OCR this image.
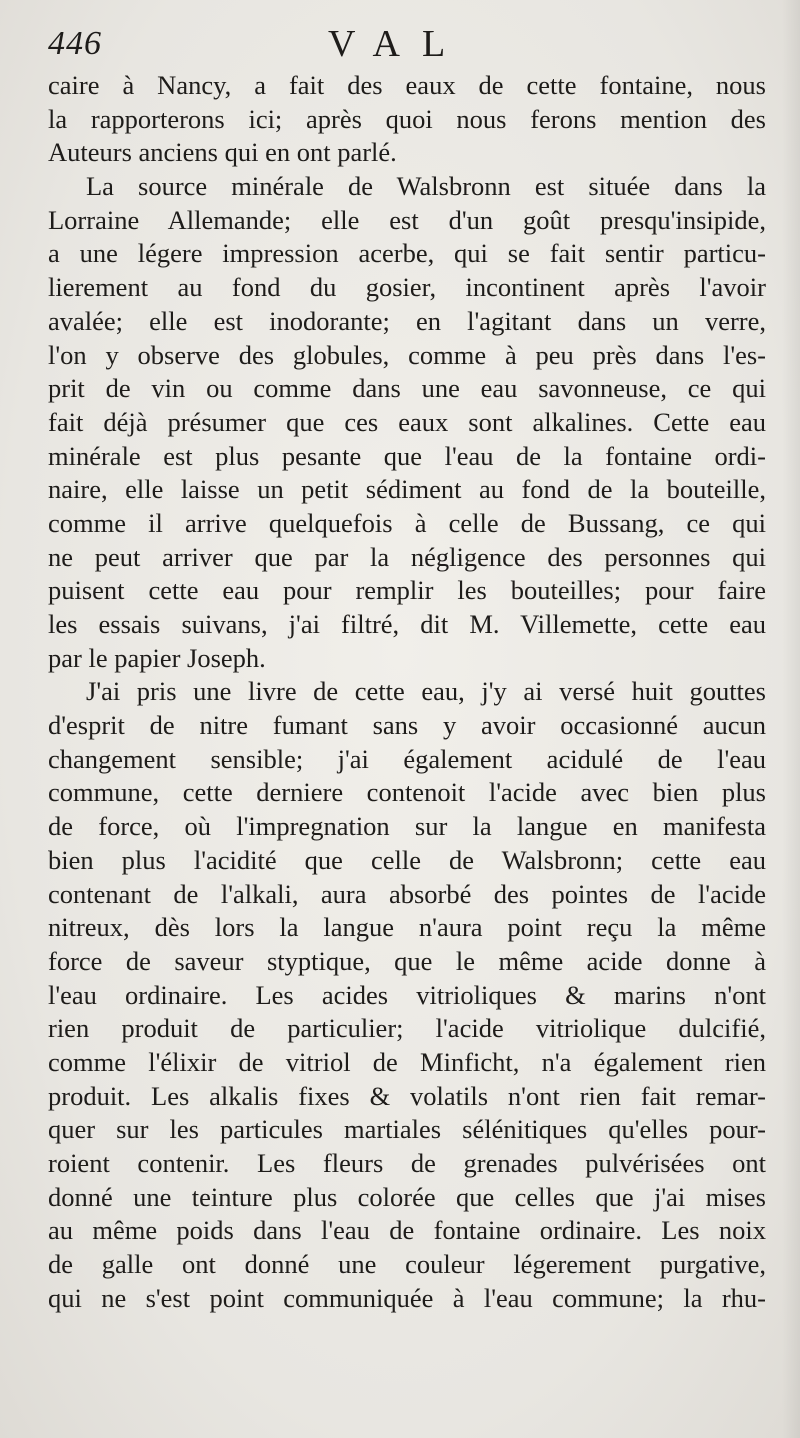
446	VAL
caire à Nancy, a fait des eaux de cette fontaine, nous
la rapporterons ici; après quoi nous ferons mention des
Auteurs anciens qui en ont parlé.
La source minérale de Walsbronn est située dans la
Lorraine Allemande; elle est d'un goût presqu'insipide,
a une légere impression acerbe, qui se fait sentir particu-
lierement au fond du gosier, incontinent après l'avoir
avalée; elle est inodorante; en l'agitant dans un verre,
l'on y observe des globules, comme à peu près dans l'es-
prit de vin ou comme dans une eau savonneuse, ce qui
fait déjà présumer que ces eaux sont alkalines. Cette eau
minérale est plus pesante que l'eau de la fontaine ordi-
naire, elle laisse un petit sédiment au fond de la bouteille,
comme il arrive quelquefois à celle de Bussang, ce qui
ne peut arriver que par la négligence des personnes qui
puisent cette eau pour remplir les bouteilles; pour faire
les essais suivans, j'ai filtré, dit M. Villemette, cette eau
par le papier Joseph.
J'ai pris une livre de cette eau, j'y ai versé huit gouttes
d'esprit de nitre fumant sans y avoir occasionné aucun
changement sensible; j'ai également acidulé de l'eau
commune, cette derniere contenoit l'acide avec bien plus
de force, où l'impregnation sur la langue en manifesta
bien plus l'acidité que celle de Walsbronn; cette eau
contenant de l'alkali, aura absorbé des pointes de l'acide
nitreux, dès lors la langue n'aura point reçu la même
force de saveur styptique, que le même acide donne à
l'eau ordinaire. Les acides vitrioliques & marins n'ont
rien produit de particulier; l'acide vitriolique dulcifié,
comme l'élixir de vitriol de Minficht, n'a également rien
produit. Les alkalis fixes & volatils n'ont rien fait remar-
quer sur les particules martiales sélénitiques qu'elles pour-
roient contenir. Les fleurs de grenades pulvérisées ont
donné une teinture plus colorée que celles que j'ai mises
au même poids dans l'eau de fontaine ordinaire. Les noix
de galle ont donné une couleur légerement purgative,
qui ne s'est point communiquée à l'eau commune; la rhu-
